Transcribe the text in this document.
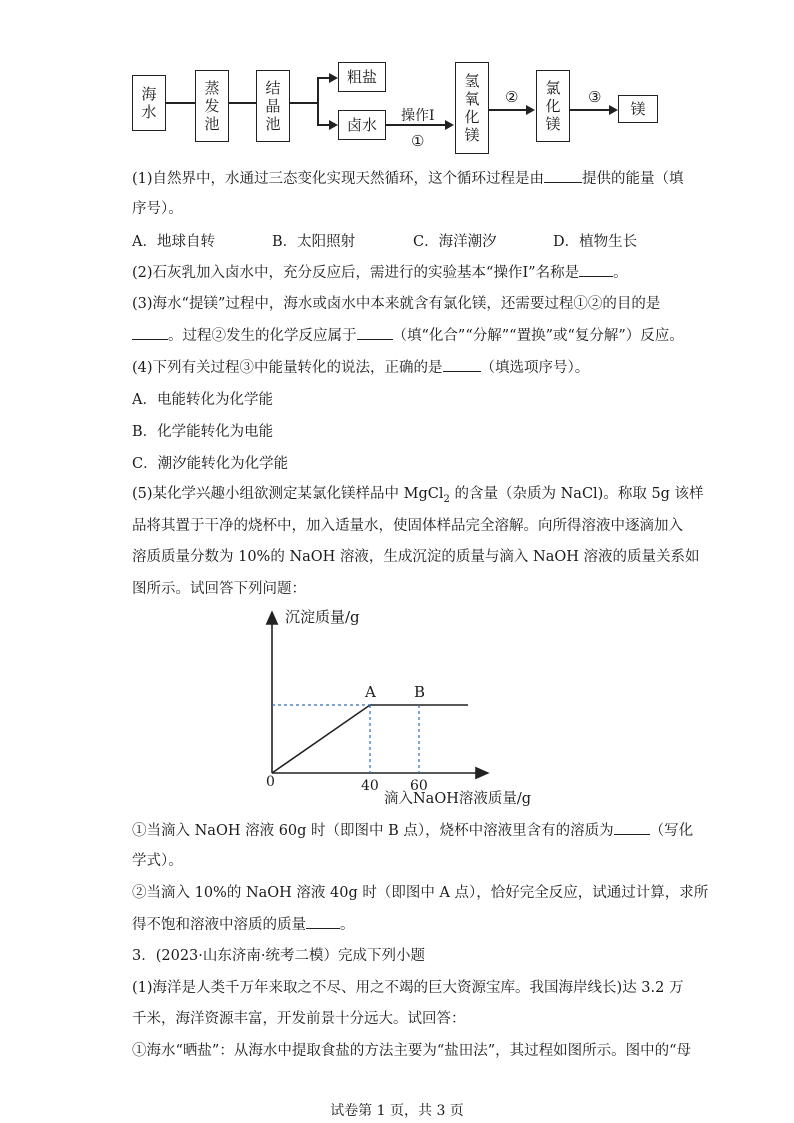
海水
蒸发池
结晶池
粗盐
卤水 操作I
①
氢氧化镁
② 氯化镁
③
镁
(1)自然界中，水通过三态变化实现天然循环，这个循环过程是由	提供的能量（填
序号）。
A．地球自转	B．太阳照射	C．海洋潮汐	D．植物生长
(2)石灰乳加入卤水中，充分反应后，需进行的实验基本“操作I”名称是 。
(3)海水“提镁”过程中，海水或卤水中本来就含有氯化镁，还需要过程①②的目的是
。过程②发生的化学反应属于 （填“化合”“分解”“置换”或“复分解”）反应。
(4)下列有关过程③中能量转化的说法，正确的是	（填选项序号）。
A．电能转化为化学能
B．化学能转化为电能
C．潮汐能转化为化学能
(5)某化学兴趣小组欲测定某氯化镁样品中 MgCl$_2$ 的含量（杂质为 NaCl)。称取 5g 该样
品将其置于干净的烧杯中，加入适量水，使固体样品完全溶解。向所得溶液中逐滴加入
溶质质量分数为 10%的 NaOH 溶液，生成沉淀的质量与滴入 NaOH 溶液的质量关系如
图所示。试回答下列问题：
A
40
B
60
沉淀质量/g
滴入NaOH溶液质量/g
0
①当滴入 NaOH 溶液 60g 时（即图中 B 点），烧杯中溶液里含有的溶质为 （写化
学式）。
②当滴入 10%的 NaOH 溶液 40g 时（即图中 A 点），恰好完全反应，试通过计算，求所
得不饱和溶液中溶质的质量 。
3．(2023·山东济南·统考二模）完成下列小题
(1)海洋是人类千万年来取之不尽、用之不竭的巨大资源宝库。我国海岸线长)达 3.2 万
千米，海洋资源丰富，开发前景十分远大。试回答：
①海水“晒盐”：从海水中提取食盐的方法主要为“盐田法”，其过程如图所示。图中的“母
试卷第 1 页，共 3 页
